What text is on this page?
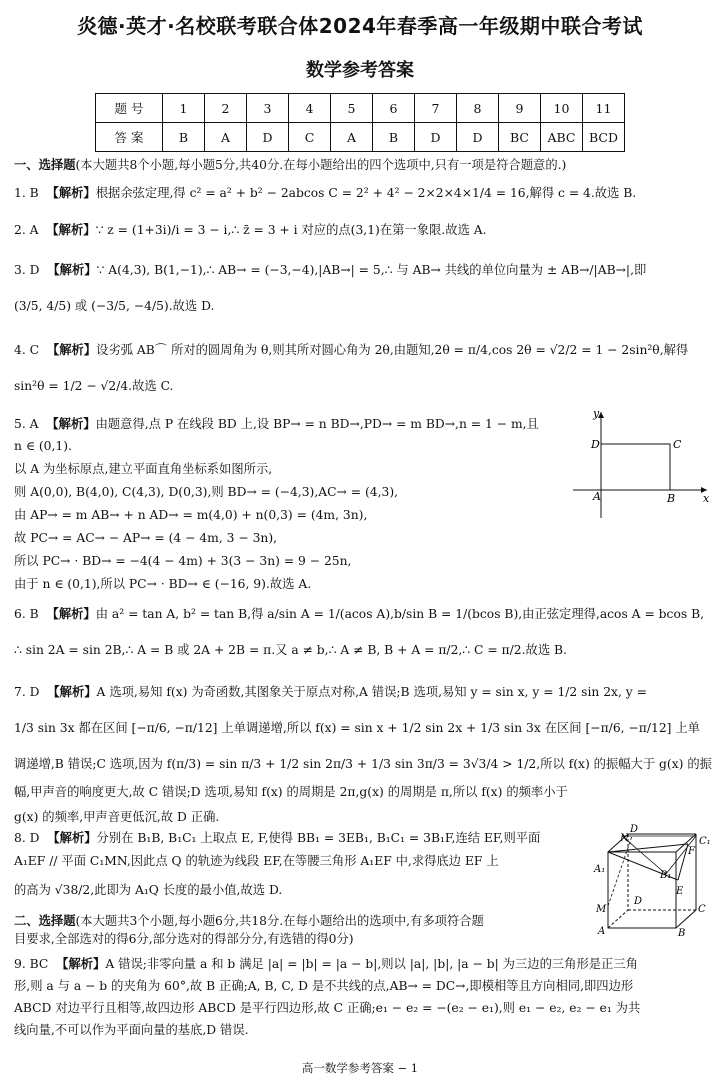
炎德·英才·名校联考联合体2024年春季高一年级期中联合考试
数学参考答案
题 号	1	2	3	4	5	6	7	8	9	10	11
答 案	B	A	D	C	A	B	D	D	BC	ABC	BCD
一、选择题(本大题共8个小题,每小题5分,共40分.在每小题给出的四个选项中,只有一项是符合题意的.)
1. B 【解析】根据余弦定理,得 c² = a² + b² − 2abcos C = 2² + 4² − 2×2×4×1/4 = 16,解得 c = 4.故选 B.
2. A 【解析】∵ z = (1+3i)/i = 3 − i,∴ z̄ = 3 + i 对应的点(3,1)在第一象限.故选 A.
3. D 【解析】∵ A(4,3), B(1,−1),∴ AB→ = (−3,−4),|AB→| = 5,∴ 与 AB→ 共线的单位向量为 ± AB→/|AB→|,即
(3/5, 4/5) 或 (−3/5, −4/5).故选 D.
4. C 【解析】设劣弧 AB⌒ 所对的圆周角为 θ,则其所对圆心角为 2θ,由题知,2θ = π/4,cos 2θ = √2/2 = 1 − 2sin²θ,解得
sin²θ = 1/2 − √2/4.故选 C.
5. A 【解析】由题意得,点 P 在线段 BD 上,设 BP→ = n BD→,PD→ = m BD→,n = 1 − m,且
n ∈ (0,1).
以 A 为坐标原点,建立平面直角坐标系如图所示,
则 A(0,0), B(4,0), C(4,3), D(0,3),则 BD→ = (−4,3),AC→ = (4,3),
由 AP→ = m AB→ + n AD→ = m(4,0) + n(0,3) = (4m, 3n),
故 PC→ = AC→ − AP→ = (4 − 4m, 3 − 3n),
所以 PC→ · BD→ = −4(4 − 4m) + 3(3 − 3n) = 9 − 25n,
由于 n ∈ (0,1),所以 PC→ · BD→ ∈ (−16, 9).故选 A.
x
y
A	B
C
D
6. B 【解析】由 a² = tan A, b² = tan B,得 a/sin A = 1/(acos A),b/sin B = 1/(bcos B),由正弦定理得,acos A = bcos B,
∴ sin 2A = sin 2B,∴ A = B 或 2A + 2B = π.又 a ≠ b,∴ A ≠ B, B + A = π/2,∴ C = π/2.故选 B.
7. D 【解析】A 选项,易知 f(x) 为奇函数,其图象关于原点对称,A 错误;B 选项,易知 y = sin x, y = 1/2 sin 2x, y =
1/3 sin 3x 都在区间 [−π/6, −π/12] 上单调递增,所以 f(x) = sin x + 1/2 sin 2x + 1/3 sin 3x 在区间 [−π/6, −π/12] 上单
调递增,B 错误;C 选项,因为 f(π/3) = sin π/3 + 1/2 sin 2π/3 + 1/3 sin 3π/3 = 3√3/4 > 1/2,所以 f(x) 的振幅大于 g(x) 的振
幅,甲声音的响度更大,故 C 错误;D 选项,易知 f(x) 的周期是 2π,g(x) 的周期是 π,所以 f(x) 的频率小于
g(x) 的频率,甲声音更低沉,故 D 正确.
8. D 【解析】分别在 B₁B, B₁C₁ 上取点 E, F,使得 BB₁ = 3EB₁, B₁C₁ = 3B₁F,连结 EF,则平面
A₁EF // 平面 C₁MN,因此点 Q 的轨迹为线段 EF,在等腰三角形 A₁EF 中,求得底边 EF 上
的高为 √38/2,此即为 A₁Q 长度的最小值,故选 D.
D
N	C₁
F
B₁
E
A₁
D
C
M
A	B
二、选择题(本大题共3个小题,每小题6分,共18分.在每小题给出的选项中,有多项符合题
目要求,全部选对的得6分,部分选对的得部分分,有选错的得0分)
9. BC 【解析】A 错误;非零向量 a 和 b 满足 |a| = |b| = |a − b|,则以 |a|, |b|, |a − b| 为三边的三角形是正三角
形,则 a 与 a − b 的夹角为 60°,故 B 正确;A, B, C, D 是不共线的点,AB→ = DC→,即模相等且方向相同,即四边形
ABCD 对边平行且相等,故四边形 ABCD 是平行四边形,故 C 正确;e₁ − e₂ = −(e₂ − e₁),则 e₁ − e₂, e₂ − e₁ 为共
线向量,不可以作为平面向量的基底,D 错误.
高一数学参考答案 − 1
